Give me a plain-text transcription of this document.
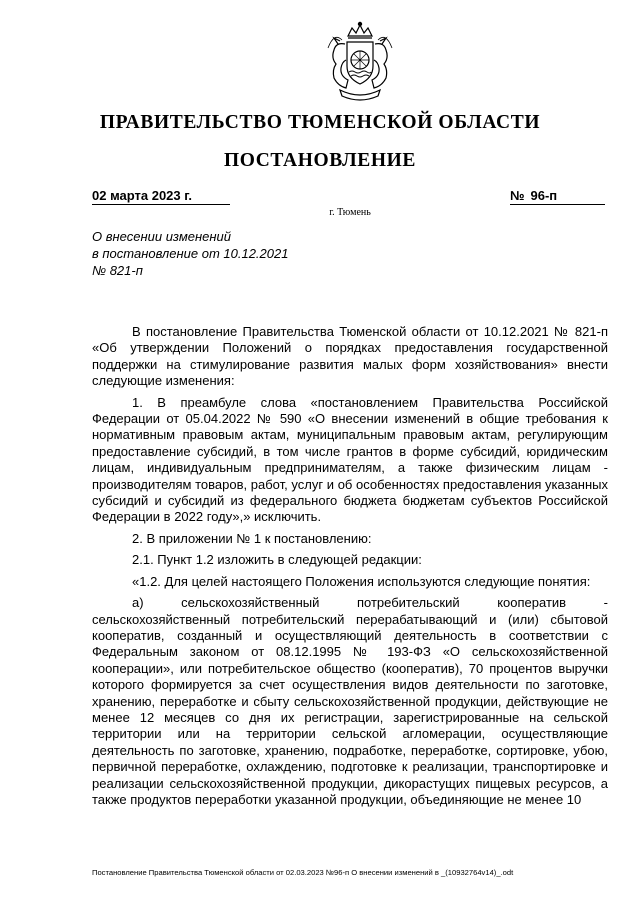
ПРАВИТЕЛЬСТВО ТЮМЕНСКОЙ ОБЛАСТИ
ПОСТАНОВЛЕНИЕ
02 марта 2023 г.	№ 96-п
г. Тюмень
О внесении изменений
в постановление от 10.12.2021
№ 821-п

В постановление Правительства Тюменской области от 10.12.2021 № 821-п «Об утверждении Положений о порядках предоставления государственной поддержки на стимулирование развития малых форм хозяйствования» внести следующие изменения:

1. В преамбуле слова «постановлением Правительства Российской Федерации от 05.04.2022 № 590 «О внесении изменений в общие требования к нормативным правовым актам, муниципальным правовым актам, регулирующим предоставление субсидий, в том числе грантов в форме субсидий, юридическим лицам, индивидуальным предпринимателям, а также физическим лицам - производителям товаров, работ, услуг и об особенностях предоставления указанных субсидий и субсидий из федерального бюджета бюджетам субъектов Российской Федерации в 2022 году»,» исключить.

2. В приложении № 1 к постановлению:

2.1. Пункт 1.2 изложить в следующей редакции:

«1.2. Для целей настоящего Положения используются следующие понятия:

а) сельскохозяйственный потребительский кооператив - сельскохозяйственный потребительский перерабатывающий и (или) сбытовой кооператив, созданный и осуществляющий деятельность в соответствии с Федеральным законом от 08.12.1995 № 193-ФЗ «О сельскохозяйственной кооперации», или потребительское общество (кооператив), 70 процентов выручки которого формируется за счет осуществления видов деятельности по заготовке, хранению, переработке и сбыту сельскохозяйственной продукции, действующие не менее 12 месяцев со дня их регистрации, зарегистрированные на сельской территории или на территории сельской агломерации, осуществляющие деятельность по заготовке, хранению, подработке, переработке, сортировке, убою, первичной переработке, охлаждению, подготовке к реализации, транспортировке и реализации сельскохозяйственной продукции, дикорастущих пищевых ресурсов, а также продуктов переработки указанной продукции, объединяющие не менее 10

Постановление Правительства Тюменской области от 02.03.2023 №96-п О внесении изменений в _(10932764v14)_.odt
